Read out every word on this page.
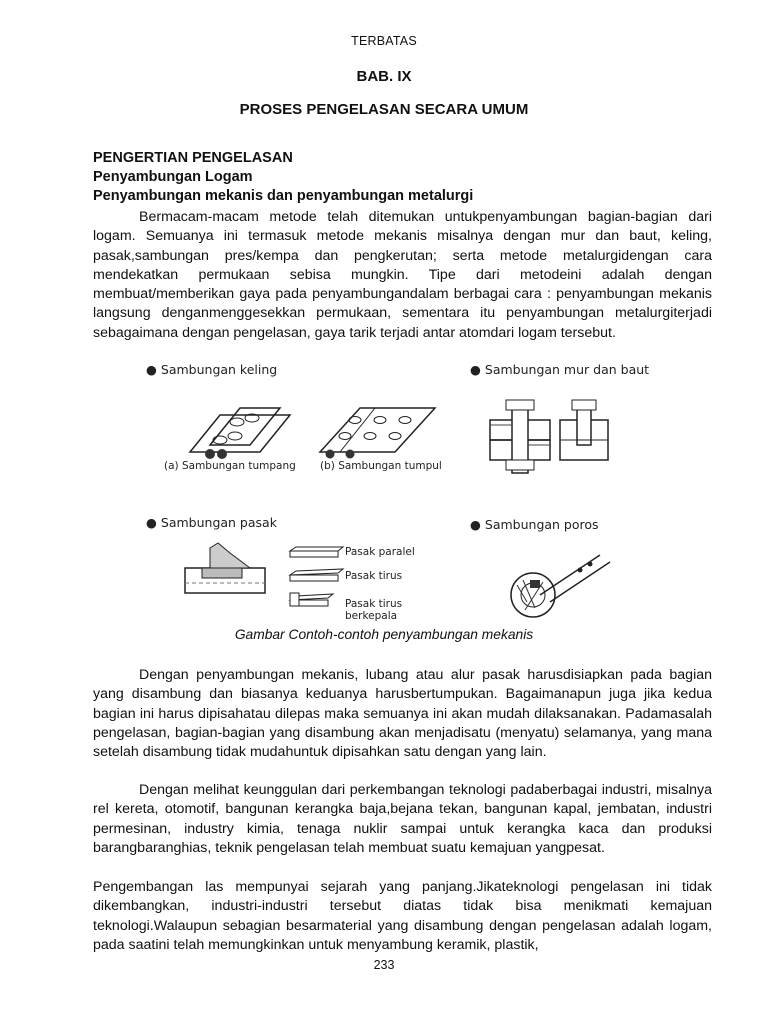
TERBATAS
BAB. IX
PROSES PENGELASAN SECARA UMUM
PENGERTIAN PENGELASAN
Penyambungan Logam
Penyambungan mekanis dan penyambungan metalurgi

Bermacam-macam metode telah ditemukan untukpenyambungan bagian-bagian dari logam. Semuanya ini termasuk metode mekanis misalnya dengan mur dan baut, keling, pasak,sambungan pres/kempa dan pengkerutan; serta metode metalurgidengan cara mendekatkan permukaan sebisa mungkin. Tipe dari metodeini adalah dengan membuat/memberikan gaya pada penyambungandalam berbagai cara : penyambungan mekanis langsung denganmenggesekkan permukaan, sementara itu penyambungan metalurgiterjadi sebagaimana dengan pengelasan, gaya tarik terjadi antar atomdari logam tersebut.

● Sambungan keling
(a) Sambungan tumpang (b) Sambungan tumpul
● Sambungan mur dan baut
● Sambungan pasak
Pasak paralel
Pasak tirus
Pasak tirus
berkepala
● Sambungan poros
Gambar Contoh-contoh penyambungan mekanis

Dengan penyambungan mekanis, lubang atau alur pasak harusdisiapkan pada bagian yang disambung dan biasanya keduanya harusbertumpukan. Bagaimanapun juga jika kedua bagian ini harus dipisahatau dilepas maka semuanya ini akan mudah dilaksanakan. Padamasalah pengelasan, bagian-bagian yang disambung akan menjadisatu (menyatu) selamanya, yang mana setelah disambung tidak mudahuntuk dipisahkan satu dengan yang lain.

Dengan melihat keunggulan dari perkembangan teknologi padaberbagai industri, misalnya rel kereta, otomotif, bangunan kerangka baja,bejana tekan, bangunan kapal, jembatan, industri permesinan, industry kimia, tenaga nuklir sampai untuk kerangka kaca dan produksi barangbaranghias, teknik pengelasan telah membuat suatu kemajuan yangpesat.

Pengembangan las mempunyai sejarah yang panjang.Jikateknologi pengelasan ini tidak dikembangkan, industri-industri tersebut diatas tidak bisa menikmati kemajuan teknologi.Walaupun sebagian besarmaterial yang disambung dengan pengelasan adalah logam, pada saatini telah memungkinkan untuk menyambung keramik, plastik,

233
